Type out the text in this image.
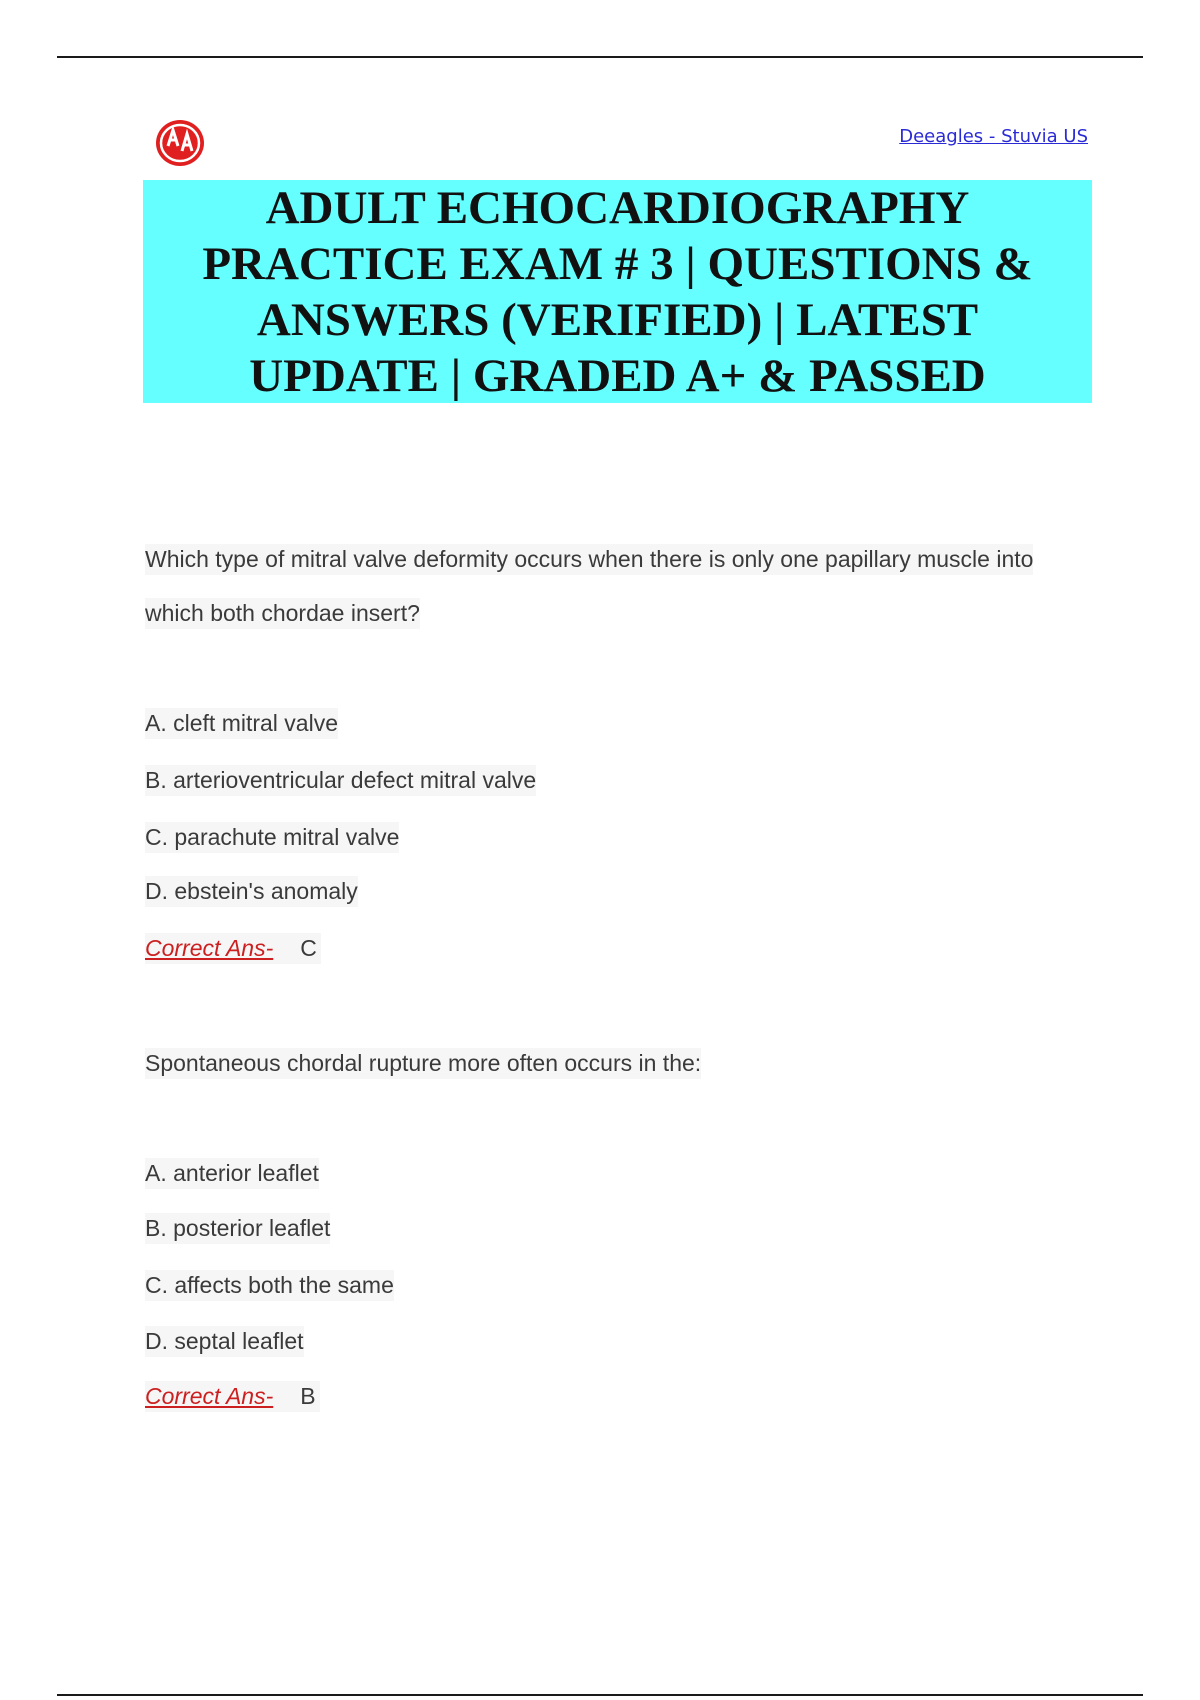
Deeagles - Stuvia US
ADULT ECHOCARDIOGRAPHY PRACTICE EXAM # 3 | QUESTIONS & ANSWERS (VERIFIED) | LATEST UPDATE | GRADED A+ & PASSED
Which type of mitral valve deformity occurs when there is only one papillary muscle into
which both chordae insert?
A. cleft mitral valve
B. arterioventricular defect mitral valve
C. parachute mitral valve
D. ebstein's anomaly
Correct Ans- C
Spontaneous chordal rupture more often occurs in the:
A. anterior leaflet
B. posterior leaflet
C. affects both the same
D. septal leaflet
Correct Ans- B
